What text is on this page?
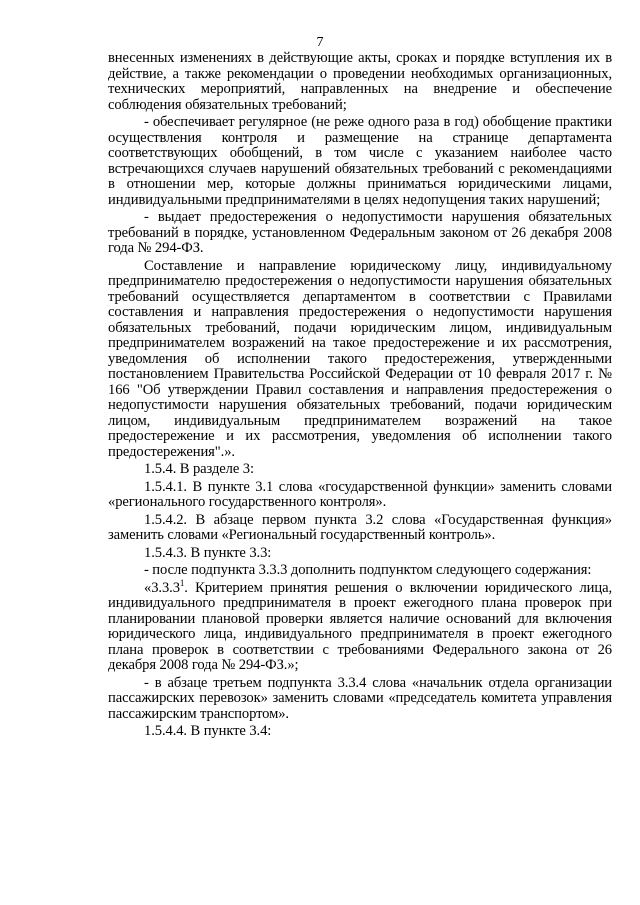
7

внесенных изменениях в действующие акты, сроках и порядке вступления их в действие, а также рекомендации о проведении необходимых организационных, технических мероприятий, направленных на внедрение и обеспечение соблюдения обязательных требований;

- обеспечивает регулярное (не реже одного раза в год) обобщение практики осуществления контроля и размещение на странице департамента соответствующих обобщений, в том числе с указанием наиболее часто встречающихся случаев нарушений обязательных требований с рекомендациями в отношении мер, которые должны приниматься юридическими лицами, индивидуальными предпринимателями в целях недопущения таких нарушений;

- выдает предостережения о недопустимости нарушения обязательных требований в порядке, установленном Федеральным законом от 26 декабря 2008 года № 294-ФЗ.

Составление и направление юридическому лицу, индивидуальному предпринимателю предостережения о недопустимости нарушения обязательных требований осуществляется департаментом в соответствии с Правилами составления и направления предостережения о недопустимости нарушения обязательных требований, подачи юридическим лицом, индивидуальным предпринимателем возражений на такое предостережение и их рассмотрения, уведомления об исполнении такого предостережения, утвержденными постановлением Правительства Российской Федерации от 10 февраля 2017 г. № 166 "Об утверждении Правил составления и направления предостережения о недопустимости нарушения обязательных требований, подачи юридическим лицом, индивидуальным предпринимателем возражений на такое предостережение и их рассмотрения, уведомления об исполнении такого предостережения".».

1.5.4. В разделе 3:

1.5.4.1. В пункте 3.1 слова «государственной функции» заменить словами «регионального государственного контроля».

1.5.4.2. В абзаце первом пункта 3.2 слова «Государственная функция» заменить словами «Региональный государственный контроль».

1.5.4.3. В пункте 3.3:

- после подпункта 3.3.3 дополнить подпунктом следующего содержания:

«3.3.3$^1$. Критерием принятия решения о включении юридического лица, индивидуального предпринимателя в проект ежегодного плана проверок при планировании плановой проверки является наличие оснований для включения юридического лица, индивидуального предпринимателя в проект ежегодного плана проверок в соответствии с требованиями Федерального закона от 26 декабря 2008 года № 294-ФЗ.»;

- в абзаце третьем подпункта 3.3.4 слова «начальник отдела организации пассажирских перевозок» заменить словами «председатель комитета управления пассажирским транспортом».

1.5.4.4. В пункте 3.4:
